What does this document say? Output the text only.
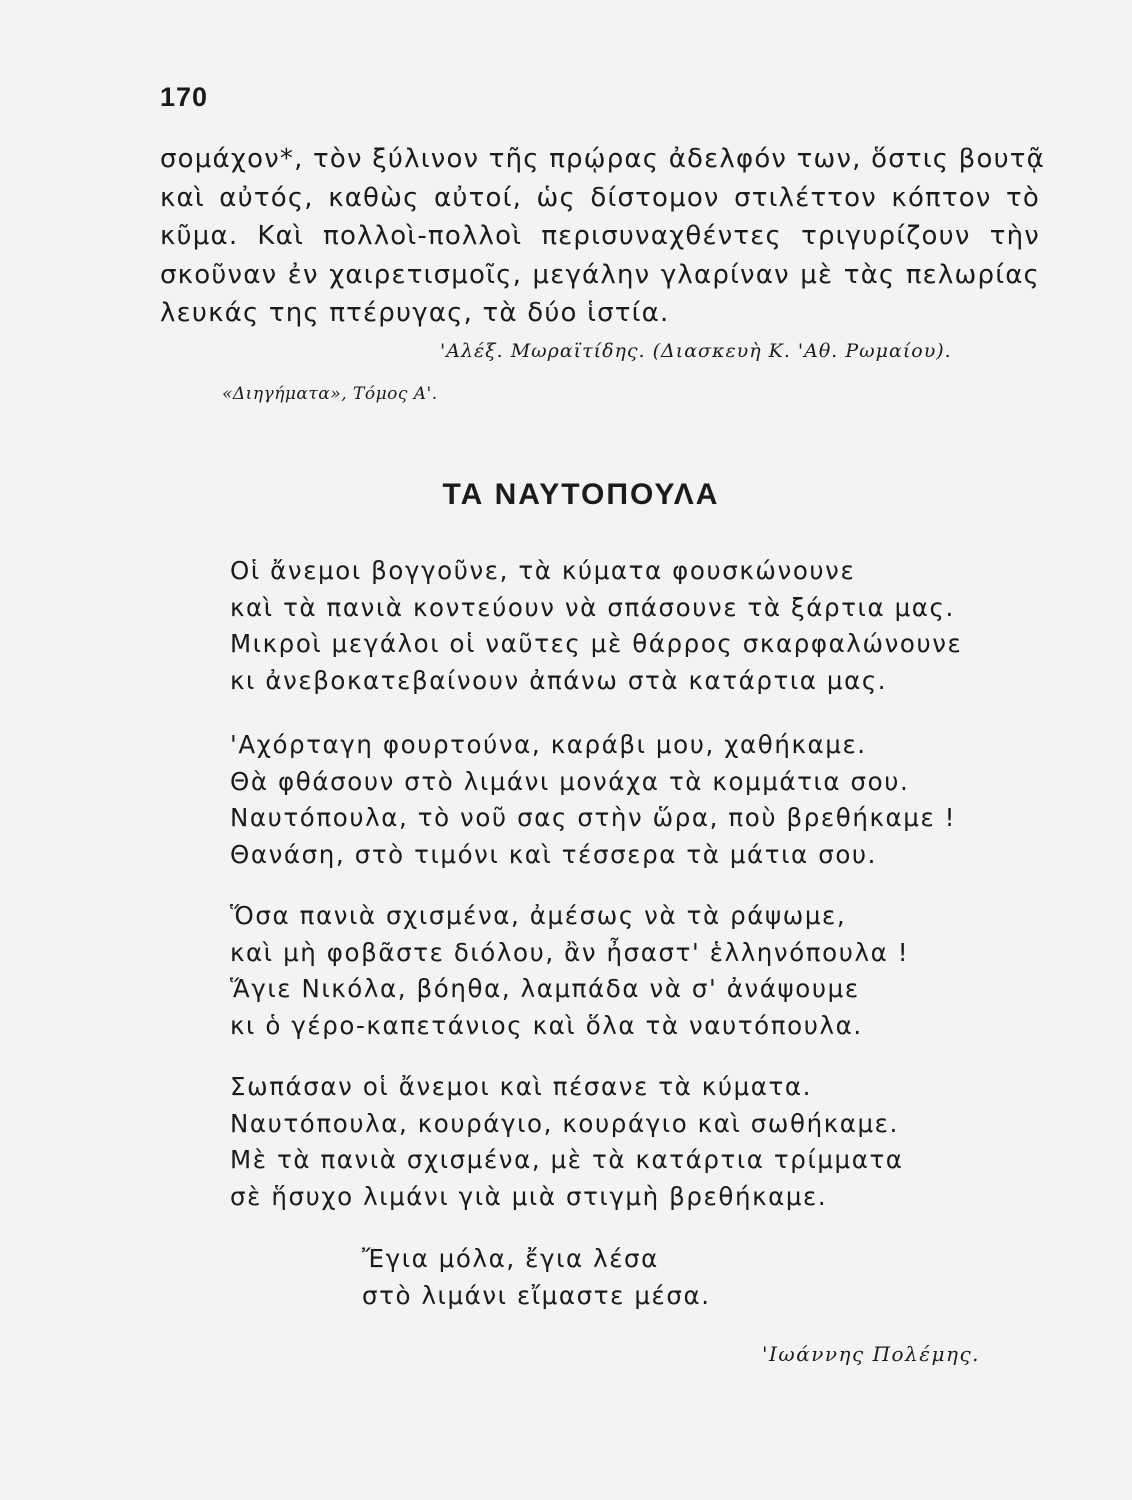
170
σομάχον*, τὸν ξύλινον τῆς πρῴρας ἀδελφόν των, ὅστις βουτᾷ
καὶ αὐτός, καθὼς αὐτοί, ὡς δίστομον στιλέττον κόπτον τὸ
κῦμα. Καὶ πολλοὶ-πολλοὶ περισυναχθέντες τριγυρίζουν τὴν
σκοῦναν ἐν χαιρετισμοῖς, μεγάλην γλαρίναν μὲ τὰς πελωρίας
λευκάς της πτέρυγας, τὰ δύο ἱστία.
'Αλέξ. Μωραϊτίδης. (Διασκευὴ Κ. 'Αθ. Ρωμαίου).
«Διηγήματα», Τόμος Α'.
ΤΑ ΝΑΥΤΟΠΟΥΛΑ
Οἱ ἄνεμοι βογγοῦνε, τὰ κύματα φουσκώνουνε
καὶ τὰ πανιὰ κοντεύουν νὰ σπάσουνε τὰ ξάρτια μας.
Μικροὶ μεγάλοι οἱ ναῦτες μὲ θάρρος σκαρφαλώνουνε
κι ἀνεβοκατεβαίνουν ἀπάνω στὰ κατάρτια μας.
'Αχόρταγη φουρτούνα, καράβι μου, χαθήκαμε.
Θὰ φθάσουν στὸ λιμάνι μονάχα τὰ κομμάτια σου.
Ναυτόπουλα, τὸ νοῦ σας στὴν ὥρα, ποὺ βρεθήκαμε !
Θανάση, στὸ τιμόνι καὶ τέσσερα τὰ μάτια σου.
Ὅσα πανιὰ σχισμένα, ἀμέσως νὰ τὰ ράψωμε,
καὶ μὴ φοβᾶστε διόλου, ἂν ἦσαστ' ἑλληνόπουλα !
Ἅγιε Νικόλα, βόηθα, λαμπάδα νὰ σ' ἀνάψουμε
κι ὁ γέρο-καπετάνιος καὶ ὅλα τὰ ναυτόπουλα.
Σωπάσαν οἱ ἄνεμοι καὶ πέσανε τὰ κύματα.
Ναυτόπουλα, κουράγιο, κουράγιο καὶ σωθήκαμε.
Μὲ τὰ πανιὰ σχισμένα, μὲ τὰ κατάρτια τρίμματα
σὲ ἥσυχο λιμάνι γιὰ μιὰ στιγμὴ βρεθήκαμε.
Ἔγια μόλα, ἔγια λέσα
στὸ λιμάνι εἴμαστε μέσα.
'Ιωάννης Πολέμης.
